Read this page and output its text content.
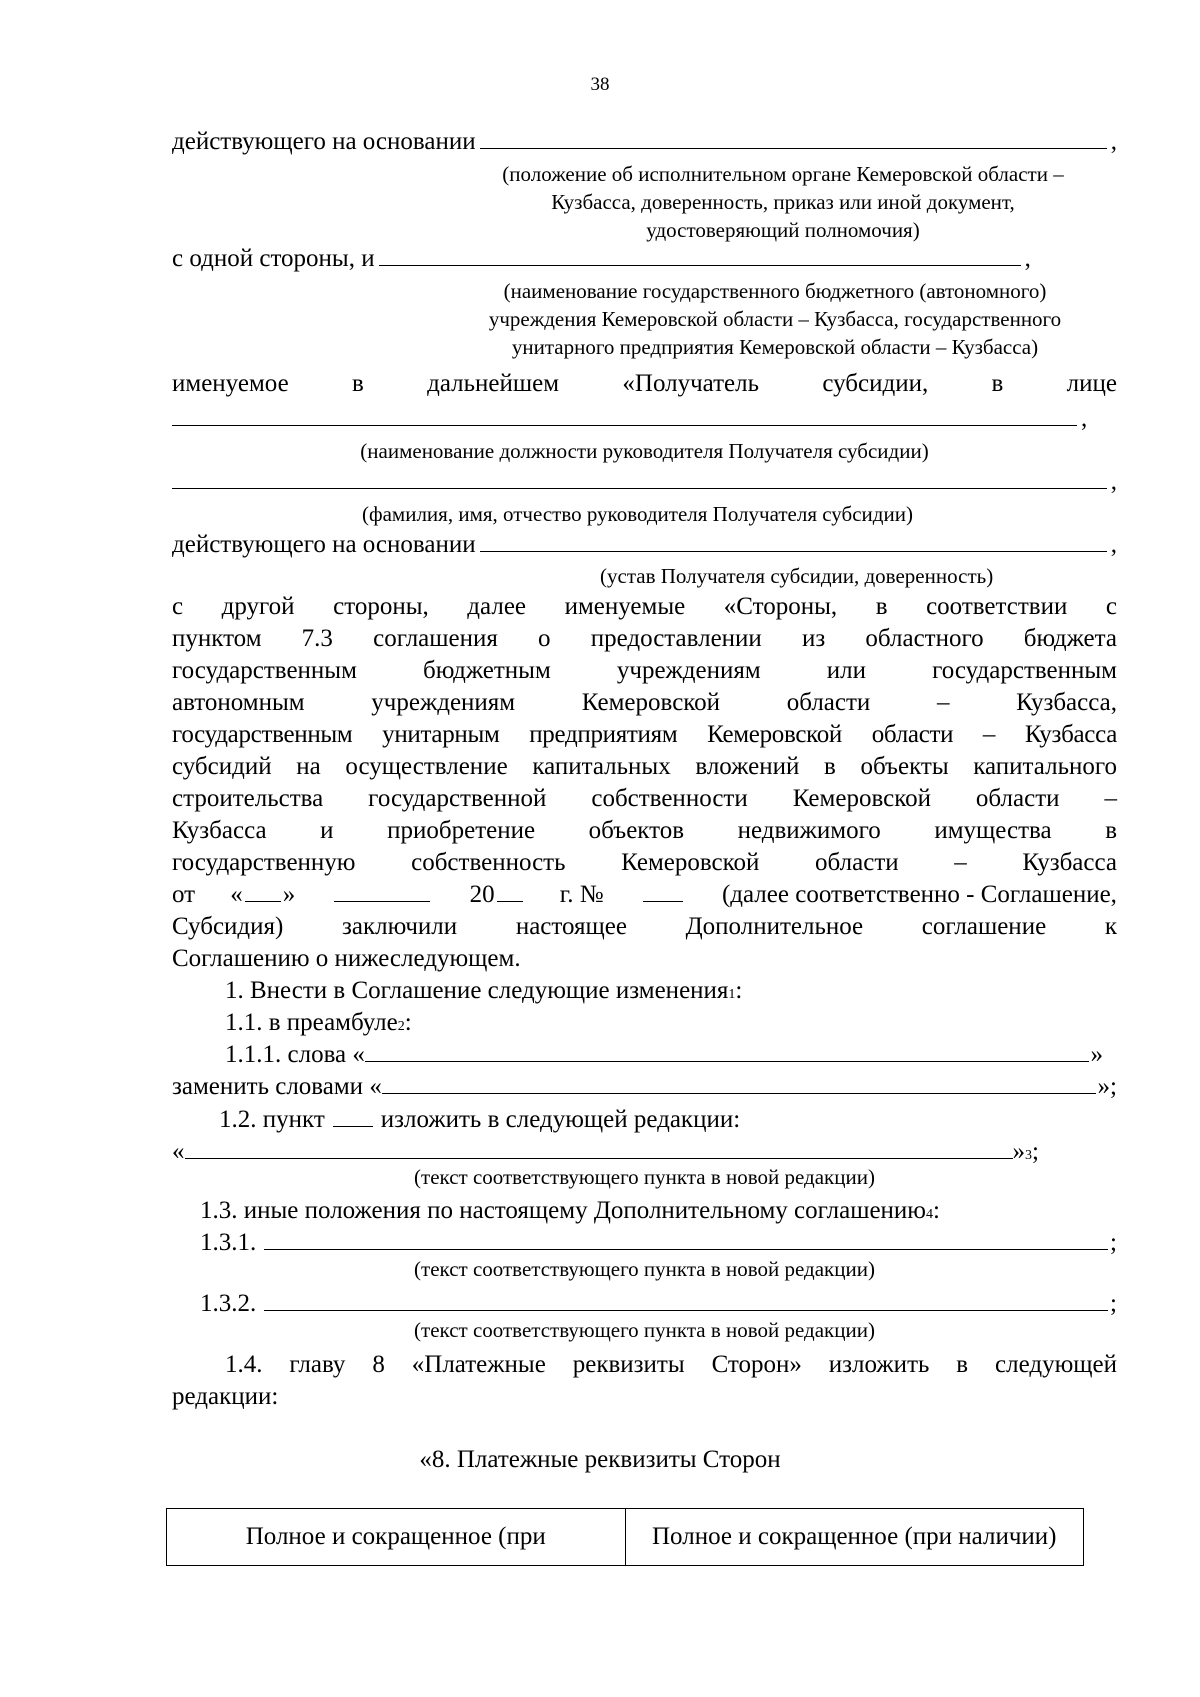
38
действующего на основании	,
(положение об исполнительном органе Кемеровской области –
Кузбасса, доверенность, приказ или иной документ,
удостоверяющий полномочия)
с одной стороны, и	,
(наименование государственного бюджетного (автономного)
учреждения Кемеровской области – Кузбасса, государственного
унитарного предприятия Кемеровской области – Кузбасса)
именуемое в дальнейшем «Получатель субсидии, в лице
,
(наименование должности руководителя Получателя субсидии)
,
(фамилия, имя, отчество руководителя Получателя субсидии)
действующего на основании	,
(устав Получателя субсидии, доверенность)
с другой стороны, далее именуемые «Стороны, в соответствии с
пунктом 7.3 соглашения о предоставлении из областного бюджета
государственным бюджетным учреждениям или государственным
автономным учреждениям Кемеровской области – Кузбасса,
государственным унитарным предприятиям Кемеровской области – Кузбасса
субсидий на осуществление капитальных вложений в объекты капитального
строительства государственной собственности Кемеровской области –
Кузбасса и приобретение объектов недвижимого имущества в
государственную собственность Кемеровской области – Кузбасса
от « »	20	г. №	(далее соответственно - Соглашение,
Субсидия) заключили настоящее Дополнительное соглашение к
Соглашению о нижеследующем.
1. Внести в Соглашение следующие изменения 1 :
1.1. в преамбуле 2 :
1.1.1. слова «	»
заменить словами «	»;
1.2. пункт изложить в следующей редакции:
«	» 3 ;
(текст соответствующего пункта в новой редакции)
1.3. иные положения по настоящему Дополнительному соглашению 4 :
1.3.1.	;
(текст соответствующего пункта в новой редакции)
1.3.2.	;
(текст соответствующего пункта в новой редакции)
1.4. главу 8 «Платежные реквизиты Сторон» изложить в следующей
редакции:
«8. Платежные реквизиты Сторон
Полное и сокращенное (при	Полное и сокращенное (при наличии)
